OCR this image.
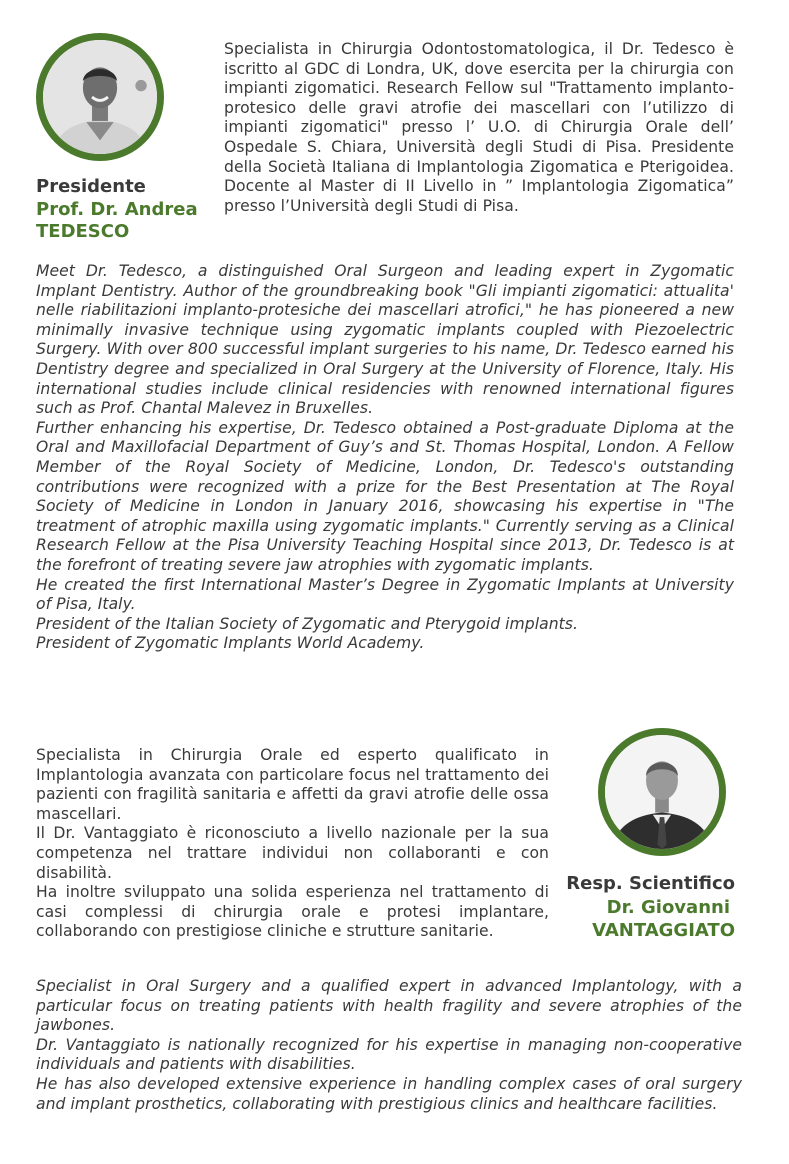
Presidente
Prof. Dr. Andrea
TEDESCO

Specialista in Chirurgia Odontostomatologica, il Dr. Tedesco è iscritto al GDC di Londra, UK, dove esercita per la chirurgia con impianti zigomatici. Research Fellow sul "Trattamento implanto-protesico delle gravi atrofie dei mascellari con l’utilizzo di impianti zigomatici" presso l’ U.O. di Chirurgia Orale dell’ Ospedale S. Chiara, Università degli Studi di Pisa. Presidente della Società Italiana di Implantologia Zigomatica e Pterigoidea. Docente al Master di II Livello in ” Implantologia Zigomatica” presso l’Università degli Studi di Pisa.

Meet Dr. Tedesco, a distinguished Oral Surgeon and leading expert in Zygomatic Implant Dentistry. Author of the groundbreaking book "Gli impianti zigomatici: attualita' nelle riabilitazioni implanto-protesiche dei mascellari atrofici," he has pioneered a new minimally invasive technique using zygomatic implants coupled with Piezoelectric Surgery. With over 800 successful implant surgeries to his name, Dr. Tedesco earned his Dentistry degree and specialized in Oral Surgery at the University of Florence, Italy. His international studies include clinical residencies with renowned international figures such as Prof. Chantal Malevez in Bruxelles.

Further enhancing his expertise, Dr. Tedesco obtained a Post-graduate Diploma at the Oral and Maxillofacial Department of Guy’s and St. Thomas Hospital, London. A Fellow Member of the Royal Society of Medicine, London, Dr. Tedesco's outstanding contributions were recognized with a prize for the Best Presentation at The Royal Society of Medicine in London in January 2016, showcasing his expertise in "The treatment of atrophic maxilla using zygomatic implants." Currently serving as a Clinical Research Fellow at the Pisa University Teaching Hospital since 2013, Dr. Tedesco is at the forefront of treating severe jaw atrophies with zygomatic implants.

He created the first International Master’s Degree in Zygomatic Implants at University of Pisa, Italy.

President of the Italian Society of Zygomatic and Pterygoid implants.

President of Zygomatic Implants World Academy.

Specialista in Chirurgia Orale ed esperto qualificato in Implantologia avanzata con particolare focus nel trattamento dei pazienti con fragilità sanitaria e affetti da gravi atrofie delle ossa mascellari.

Il Dr. Vantaggiato è riconosciuto a livello nazionale per la sua competenza nel trattare individui non collaboranti e con disabilità.

Ha inoltre sviluppato una solida esperienza nel trattamento di casi complessi di chirurgia orale e protesi implantare, collaborando con prestigiose cliniche e strutture sanitarie.

Resp. Scientifico
Dr. Giovanni
VANTAGGIATO

Specialist in Oral Surgery and a qualified expert in advanced Implantology, with a particular focus on treating patients with health fragility and severe atrophies of the jawbones.

Dr. Vantaggiato is nationally recognized for his expertise in managing non-cooperative individuals and patients with disabilities.

He has also developed extensive experience in handling complex cases of oral surgery and implant prosthetics, collaborating with prestigious clinics and healthcare facilities.
